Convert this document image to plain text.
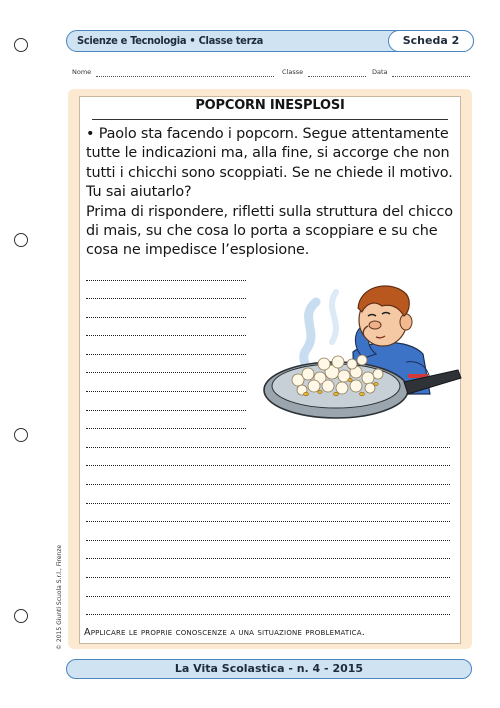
Scienze e Tecnologia • Classe terza	Scheda 2
Nome	Classe	Data
POPCORN INESPLOSI

• Paolo sta facendo i popcorn. Segue attentamente tutte le indicazioni ma, alla fine, si accorge che non tutti i chicchi sono scoppiati. Se ne chiede il motivo. Tu sai aiutarlo?

Prima di rispondere, rifletti sulla struttura del chicco di mais, su che cosa lo porta a scoppiare e su che cosa ne impedisce l’esplosione.

Applicare le proprie conoscenze a una situazione problematica.
© 2015 Giunti Scuola S.r.l., Firenze
La Vita Scolastica - n. 4 - 2015
